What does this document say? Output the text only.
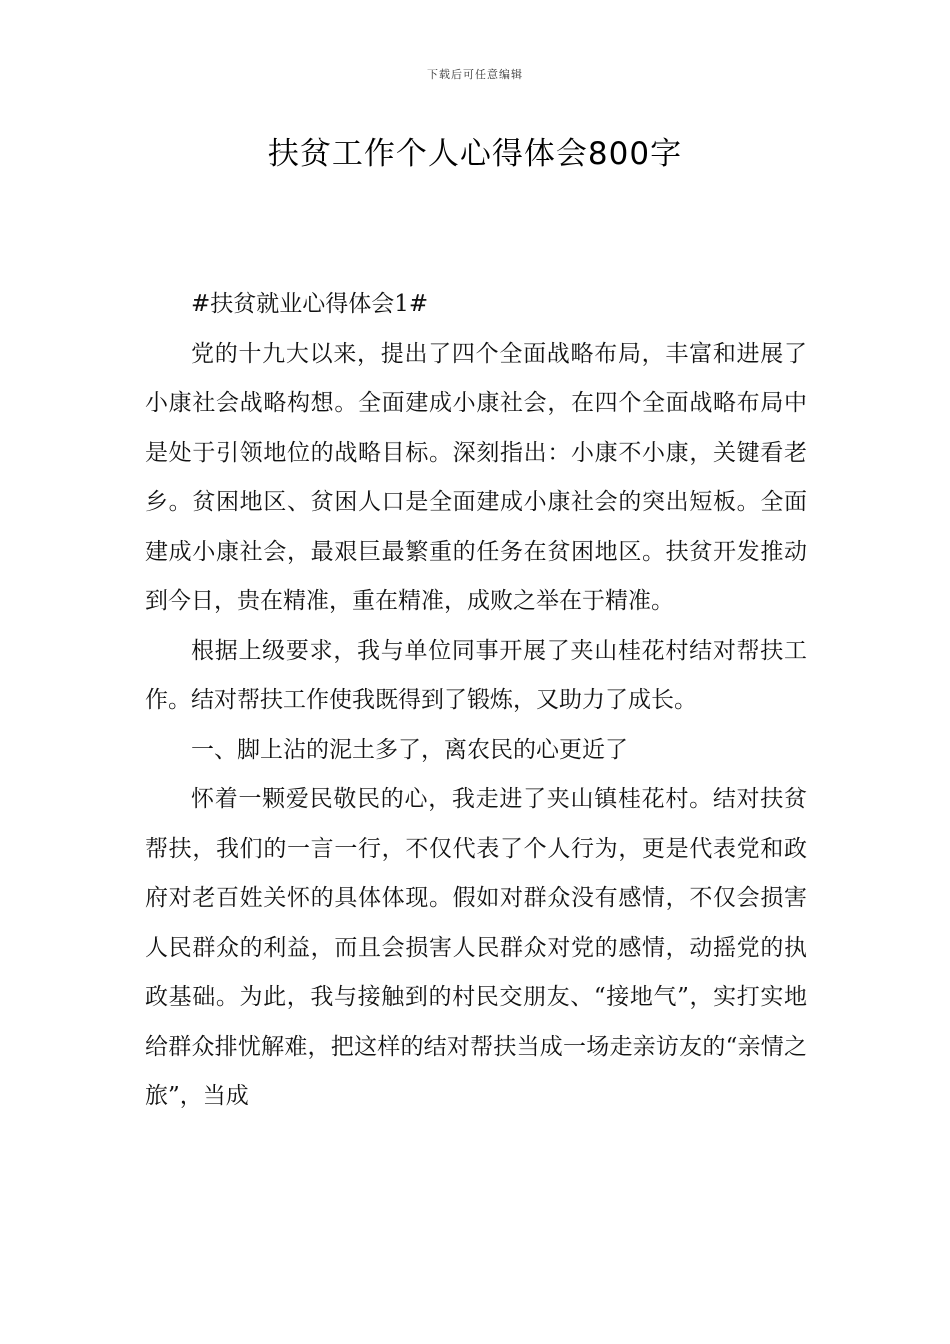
下载后可任意编辑
扶贫工作个人心得体会800字

#扶贫就业心得体会1#

党的十九大以来，提出了四个全面战略布局，丰富和进展了小康社会战略构想。全面建成小康社会，在四个全面战略布局中是处于引领地位的战略目标。深刻指出：小康不小康，关键看老乡。贫困地区、贫困人口是全面建成小康社会的突出短板。全面建成小康社会，最艰巨最繁重的任务在贫困地区。扶贫开发推动到今日，贵在精准，重在精准，成败之举在于精准。

根据上级要求，我与单位同事开展了夹山桂花村结对帮扶工作。结对帮扶工作使我既得到了锻炼，又助力了成长。

一、脚上沾的泥土多了，离农民的心更近了

怀着一颗爱民敬民的心，我走进了夹山镇桂花村。结对扶贫帮扶，我们的一言一行，不仅代表了个人行为，更是代表党和政府对老百姓关怀的具体体现。假如对群众没有感情，不仅会损害人民群众的利益，而且会损害人民群众对党的感情，动摇党的执政基础。为此，我与接触到的村民交朋友、“接地气”，实打实地给群众排忧解难，把这样的结对帮扶当成一场走亲访友的“亲情之旅”，当成
